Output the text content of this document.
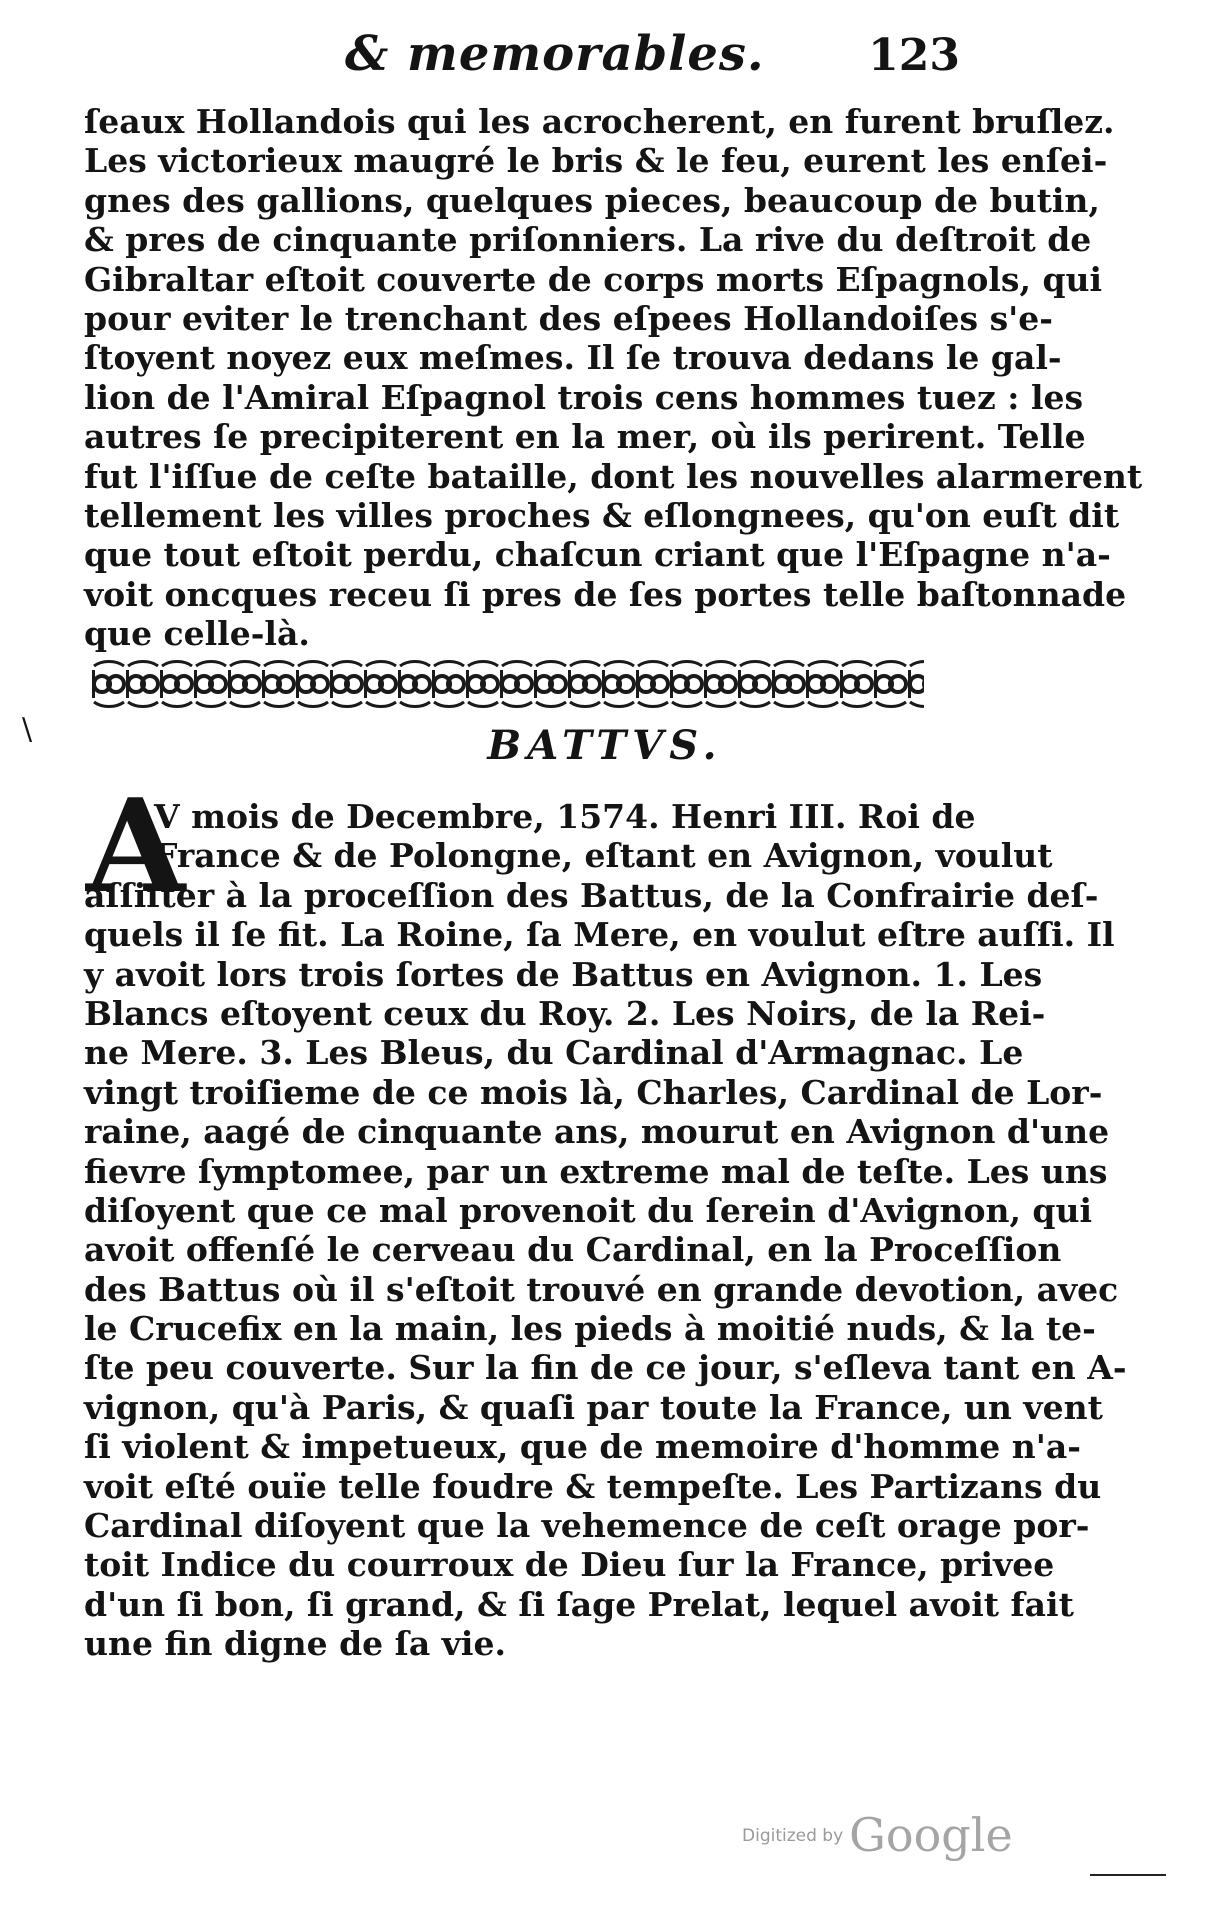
& memorables. 123
ſeaux Hollandois qui les acrocherent, en furent bruſlez.
Les victorieux maugré le bris & le feu, eurent les enſei-
gnes des gallions, quelques pieces, beaucoup de butin,
& pres de cinquante priſonniers. La rive du deſtroit de
Gibraltar eſtoit couverte de corps morts Eſpagnols, qui
pour eviter le trenchant des eſpees Hollandoiſes s'e-
ſtoyent noyez eux meſmes. Il ſe trouva dedans le gal-
lion de l'Amiral Eſpagnol trois cens hommes tuez : les
autres ſe precipiterent en la mer, où ils perirent. Telle
fut l'iſſue de ceſte bataille, dont les nouvelles alarmerent
tellement les villes proches & eſlongnees, qu'on euſt dit
que tout eſtoit perdu, chaſcun criant que l'Eſpagne n'a-
voit oncques receu ſi pres de ſes portes telle baſtonnade
que celle-là.
\	BATTVS.
A
V mois de Decembre, 1574. Henri III. Roi de
France & de Polongne, eſtant en Avignon, voulut
aſſiſter à la proceſſion des Battus, de la Confrairie deſ-
quels il ſe fit. La Roine, ſa Mere, en voulut eſtre auſſi. Il
y avoit lors trois ſortes de Battus en Avignon. 1. Les
Blancs eſtoyent ceux du Roy. 2. Les Noirs, de la Rei-
ne Mere. 3. Les Bleus, du Cardinal d'Armagnac. Le
vingt troiſieme de ce mois là, Charles, Cardinal de Lor-
raine, aagé de cinquante ans, mourut en Avignon d'une
fievre ſymptomee, par un extreme mal de teſte. Les uns
diſoyent que ce mal provenoit du ſerein d'Avignon, qui
avoit offenſé le cerveau du Cardinal, en la Proceſſion
des Battus où il s'eſtoit trouvé en grande devotion, avec
le Crucefix en la main, les pieds à moitié nuds, & la te-
ſte peu couverte. Sur la fin de ce jour, s'eſleva tant en A-
vignon, qu'à Paris, & quaſi par toute la France, un vent
ſi violent & impetueux, que de memoire d'homme n'a-
voit eſté ouïe telle foudre & tempeſte. Les Partizans du
Cardinal diſoyent que la vehemence de ceſt orage por-
toit Indice du courroux de Dieu ſur la France, privee
d'un ſi bon, ſi grand, & ſi ſage Prelat, lequel avoit fait
une fin digne de ſa vie.
Digitized by Google
